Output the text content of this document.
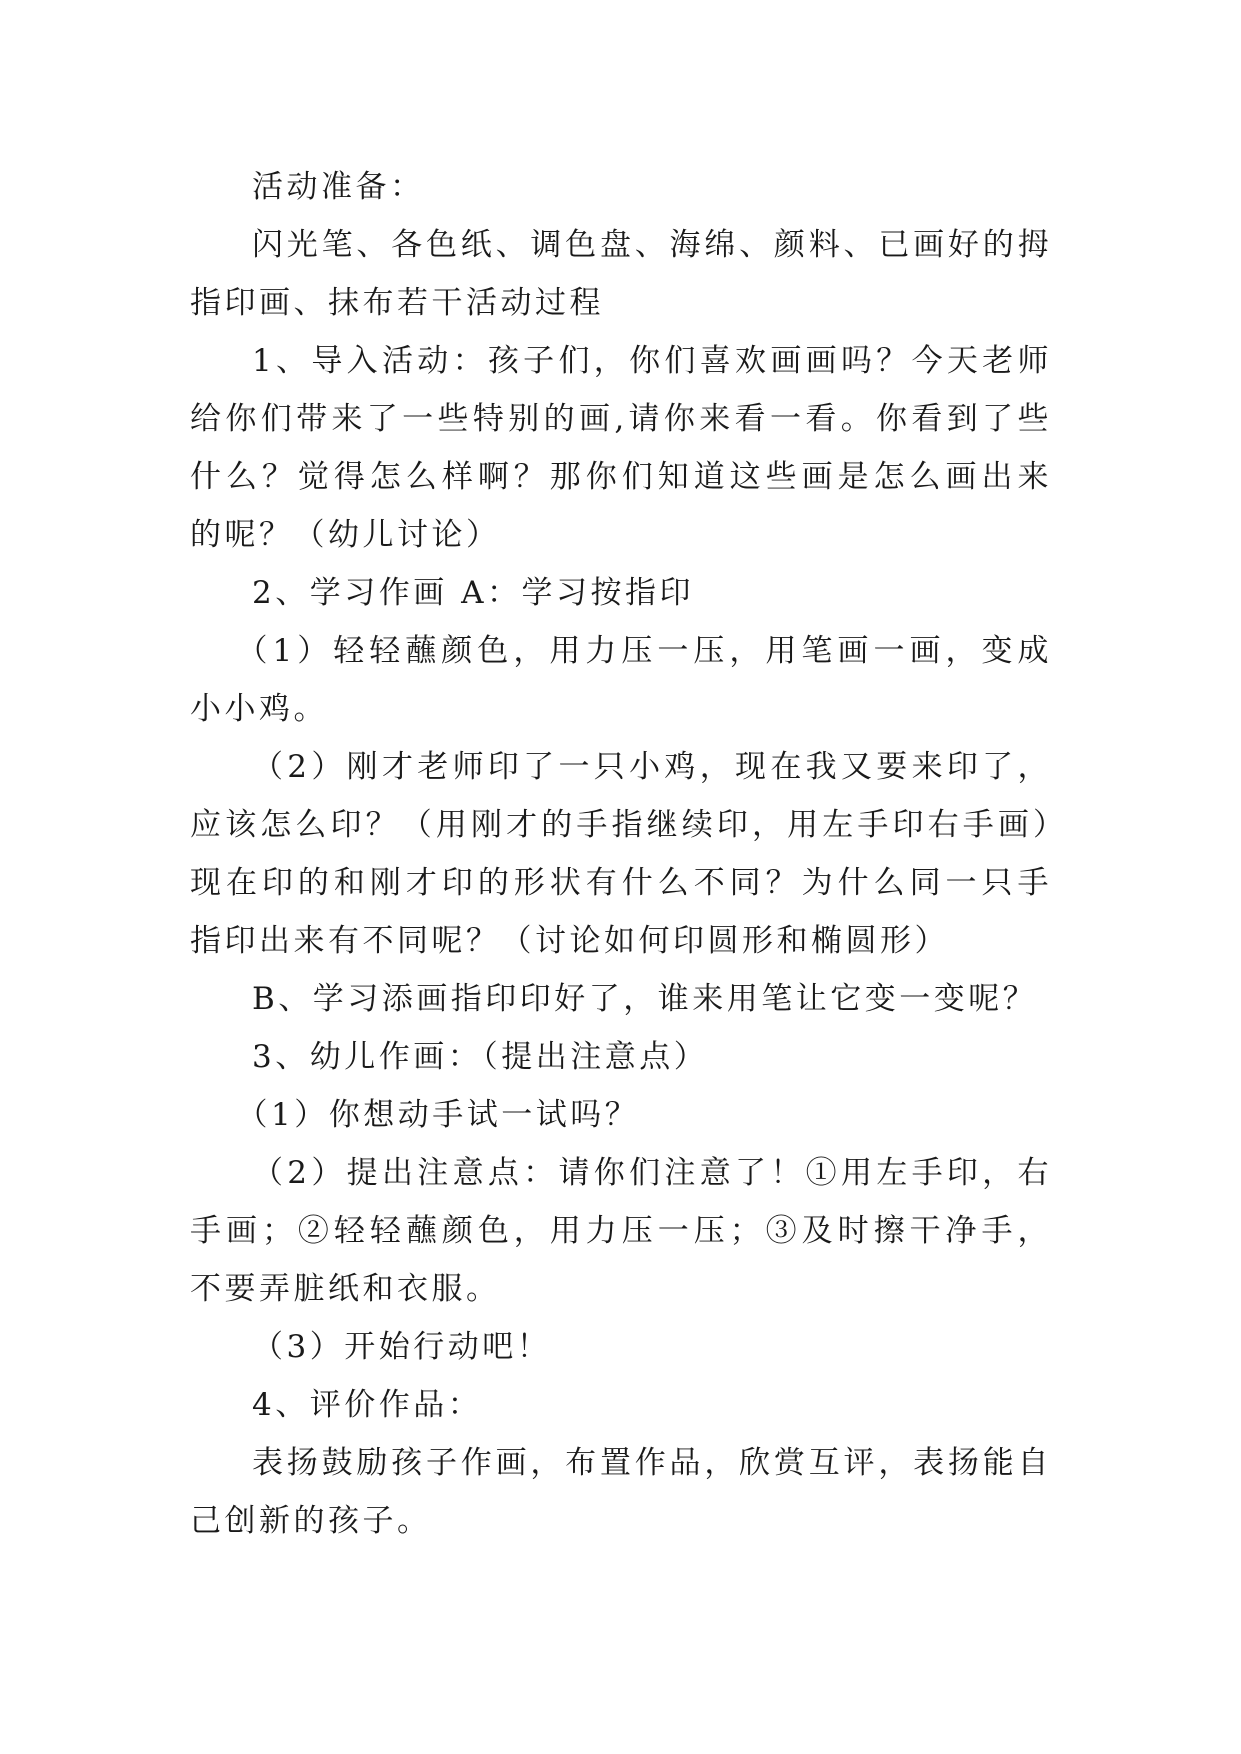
活动准备：

闪光笔、各色纸、调色盘、海绵、颜料、已画好的拇指印画、抹布若干活动过程

1、导入活动：孩子们，你们喜欢画画吗？今天老师给你们带来了一些特别的画,请你来看一看。你看到了些什么？觉得怎么样啊？那你们知道这些画是怎么画出来的呢？（幼儿讨论）

2、学习作画 A：学习按指印

（1）轻轻蘸颜色，用力压一压，用笔画一画，变成小小鸡。

（2）刚才老师印了一只小鸡，现在我又要来印了，应该怎么印？（用刚才的手指继续印，用左手印右手画）现在印的和刚才印的形状有什么不同？为什么同一只手指印出来有不同呢？（讨论如何印圆形和椭圆形）

B、学习添画指印印好了，谁来用笔让它变一变呢？

3、幼儿作画：（提出注意点）

（1）你想动手试一试吗？

（2）提出注意点：请你们注意了！①用左手印，右手画；②轻轻蘸颜色，用力压一压；③及时擦干净手，不要弄脏纸和衣服。

（3）开始行动吧！

4、评价作品：

表扬鼓励孩子作画，布置作品，欣赏互评，表扬能自己创新的孩子。
